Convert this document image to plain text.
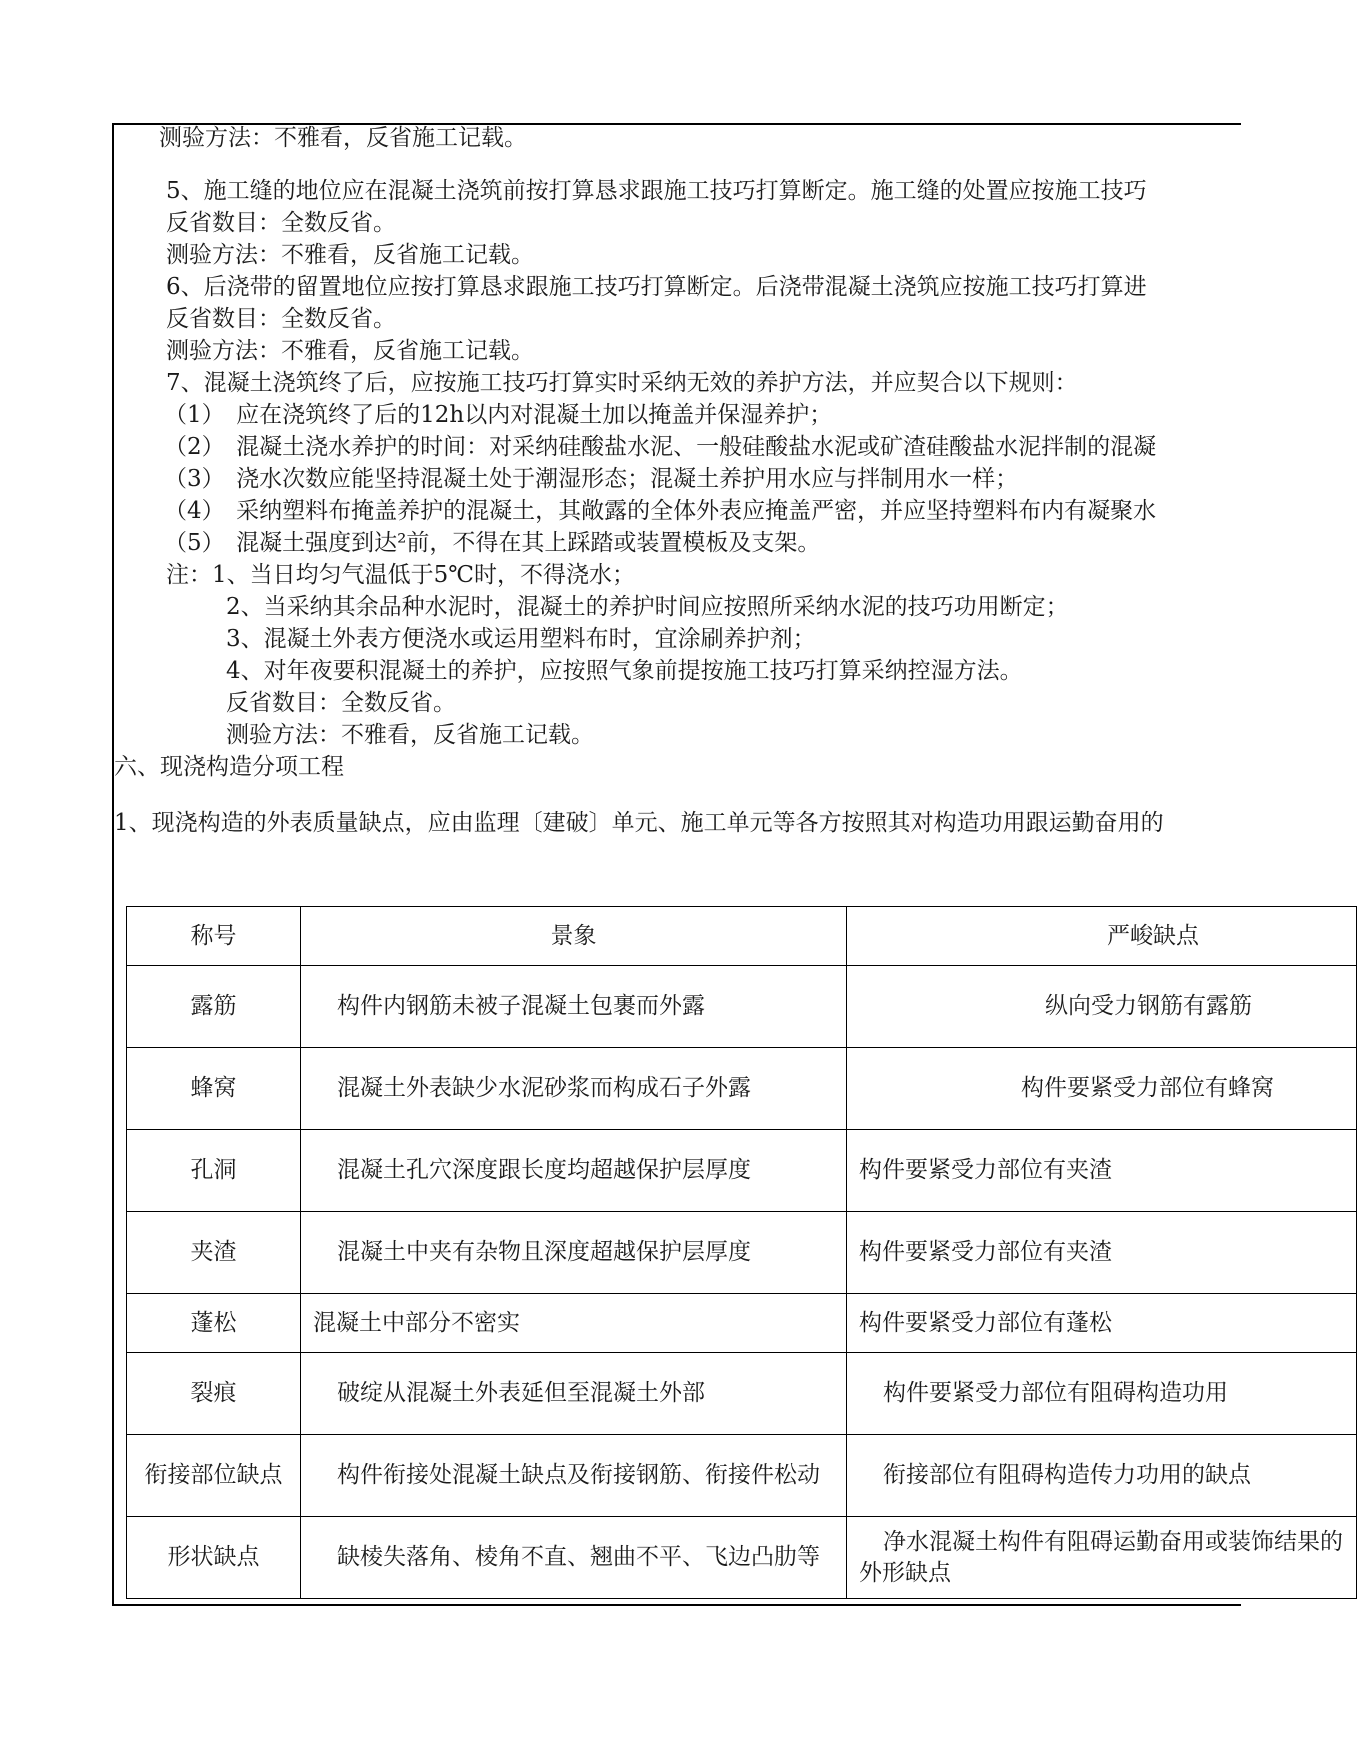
测验方法：不雅看，反省施工记载。
5、施工缝的地位应在混凝土浇筑前按打算恳求跟施工技巧打算断定。施工缝的处置应按施工技巧
反省数目：全数反省。
测验方法：不雅看，反省施工记载。
6、后浇带的留置地位应按打算恳求跟施工技巧打算断定。后浇带混凝土浇筑应按施工技巧打算进
反省数目：全数反省。
测验方法：不雅看，反省施工记载。
7、混凝土浇筑终了后，应按施工技巧打算实时采纳无效的养护方法，并应契合以下规则：
（1）　应在浇筑终了后的12h以内对混凝土加以掩盖并保湿养护；
（2）　混凝土浇水养护的时间：对采纳硅酸盐水泥、一般硅酸盐水泥或矿渣硅酸盐水泥拌制的混凝
（3）　浇水次数应能坚持混凝土处于潮湿形态；混凝土养护用水应与拌制用水一样；
（4）　采纳塑料布掩盖养护的混凝土，其敞露的全体外表应掩盖严密，并应坚持塑料布内有凝聚水
（5）　混凝土强度到达²前，不得在其上踩踏或装置模板及支架。
注：1、当日均匀气温低于5℃时，不得浇水；
2、当采纳其余品种水泥时，混凝土的养护时间应按照所采纳水泥的技巧功用断定；
3、混凝土外表方便浇水或运用塑料布时，宜涂刷养护剂；
4、对年夜要积混凝土的养护，应按照气象前提按施工技巧打算采纳控湿方法。
反省数目：全数反省。
测验方法：不雅看，反省施工记载。
六、现浇构造分项工程
1、现浇构造的外表质量缺点，应由监理〔建破〕单元、施工单元等各方按照其对构造功用跟运勤奋用的
称号	景象	严峻缺点
露筋	构件内钢筋未被子混凝土包裹而外露	纵向受力钢筋有露筋
蜂窝	混凝土外表缺少水泥砂浆而构成石子外露	构件要紧受力部位有蜂窝
孔洞	混凝土孔穴深度跟长度均超越保护层厚度	构件要紧受力部位有夹渣
夹渣	混凝土中夹有杂物且深度超越保护层厚度	构件要紧受力部位有夹渣
蓬松	混凝土中部分不密实	构件要紧受力部位有蓬松
裂痕	破绽从混凝土外表延但至混凝土外部	构件要紧受力部位有阻碍构造功用
衔接部位缺点	构件衔接处混凝土缺点及衔接钢筋、衔接件松动	衔接部位有阻碍构造传力功用的缺点
形状缺点	缺棱失落角、棱角不直、翘曲不平、飞边凸肋等	净水混凝土构件有阻碍运勤奋用或装饰结果的外形缺点
